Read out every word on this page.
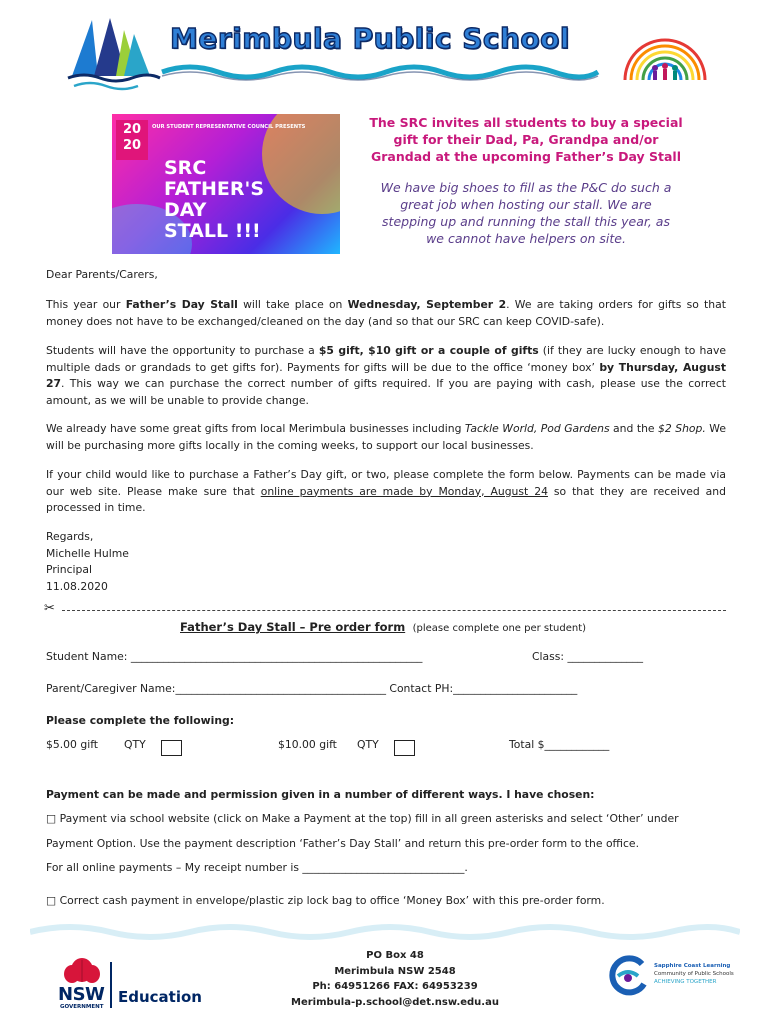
Merimbula Public School
20
20
OUR STUDENT REPRESENTATIVE COUNCIL PRESENTS
SRC
FATHER'S
DAY
STALL !!!
The SRC invites all students to buy a special
gift for their Dad, Pa, Grandpa and/or
Grandad at the upcoming Father’s Day Stall
We have big shoes to fill as the P&C do such a
great job when hosting our stall. We are
stepping up and running the stall this year, as
we cannot have helpers on site.
Dear Parents/Carers,
This year our Father’s Day Stall will take place on Wednesday, September 2. We are taking orders for gifts so that money does not have to be exchanged/cleaned on the day (and so that our SRC can keep COVID-safe).
Students will have the opportunity to purchase a $5 gift, $10 gift or a couple of gifts (if they are lucky enough to have multiple dads or grandads to get gifts for). Payments for gifts will be due to the office ‘money box’ by Thursday, August 27. This way we can purchase the correct number of gifts required. If you are paying with cash, please use the correct amount, as we will be unable to provide change.
We already have some great gifts from local Merimbula businesses including Tackle World, Pod Gardens and the $2 Shop. We will be purchasing more gifts locally in the coming weeks, to support our local businesses.
If your child would like to purchase a Father’s Day gift, or two, please complete the form below. Payments can be made via our web site. Please make sure that online payments are made by Monday, August 24 so that they are received and processed in time.
Regards,
Michelle Hulme
Principal
11.08.2020
✂
Father’s Day Stall – Pre order form (please complete one per student)
Student Name: ______________________________________________________	Class: ______________
Parent/Caregiver Name:_______________________________________ Contact PH:_______________________
Please complete the following:
$5.00 gift QTY	$10.00 gift QTY	Total $____________
Payment can be made and permission given in a number of different ways. I have chosen:
□ Payment via school website (click on Make a Payment at the top) fill in all green asterisks and select ‘Other’ under
Payment Option. Use the payment description ‘Father’s Day Stall’ and return this pre-order form to the office.
For all online payments – My receipt number is ______________________________.
□ Correct cash payment in envelope/plastic zip lock bag to office ‘Money Box’ with this pre-order form.
NSW
GOVERNMENT
Education
PO Box 48
Merimbula NSW 2548
Ph: 64951266 FAX: 64953239
Merimbula-p.school@det.nsw.edu.au
Sapphire Coast Learning
Community of Public Schools
ACHIEVING TOGETHER
